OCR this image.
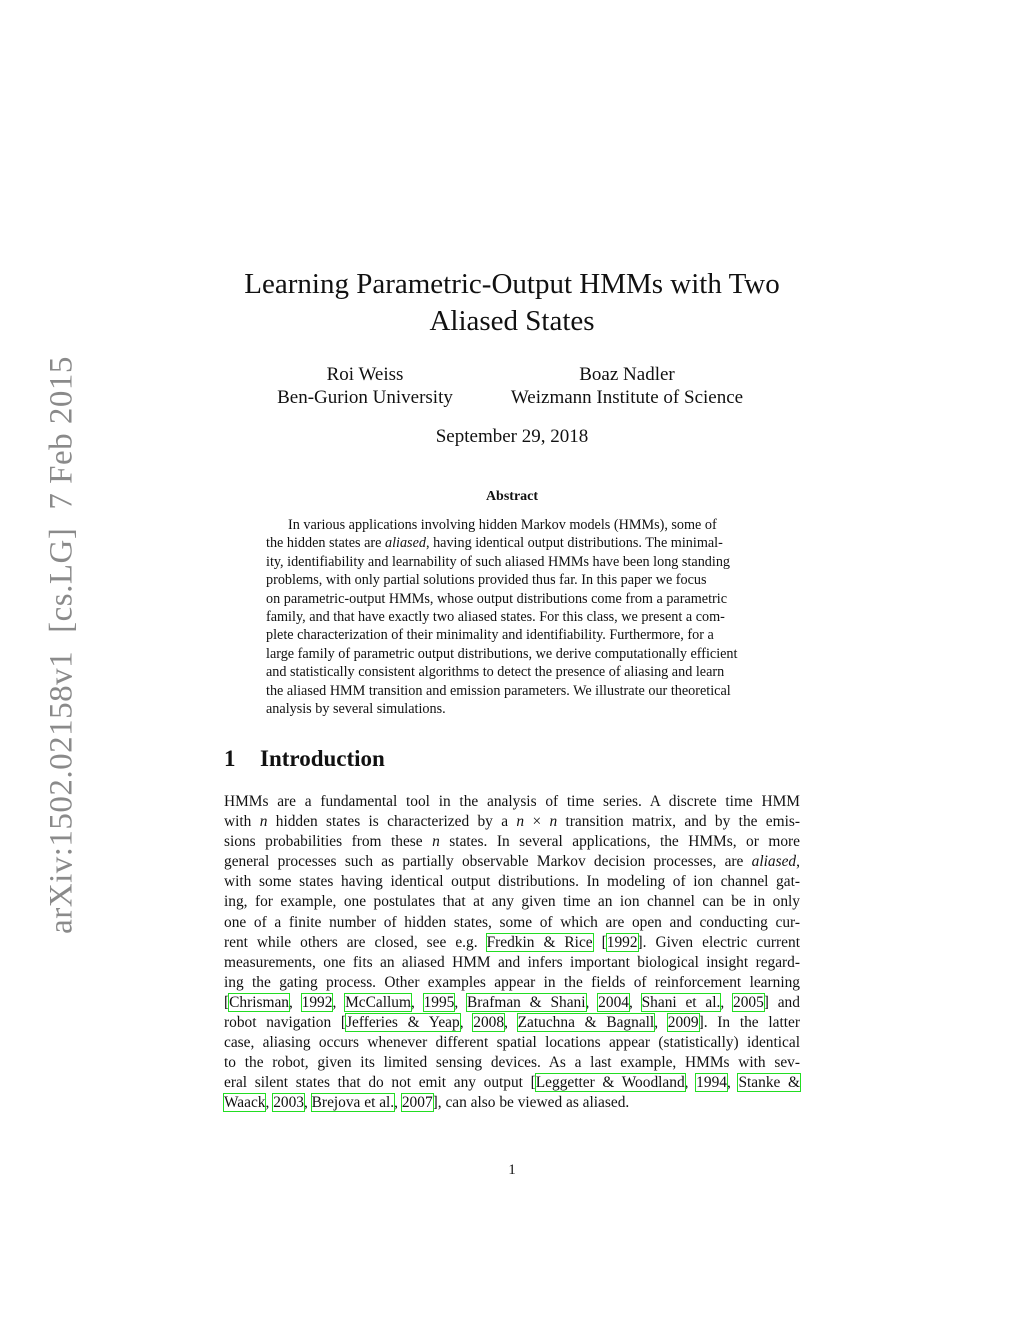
arXiv:1502.02158v1[cs.LG]7 Feb 2015
Learning Parametric-Output HMMs with Two
Aliased States
Roi Weiss
Ben-Gurion University
Boaz Nadler
Weizmann Institute of Science
September 29, 2018
Abstract
In various applications involving hidden Markov models (HMMs), some of
the hidden states are aliased, having identical output distributions. The minimal-
ity, identifiability and learnability of such aliased HMMs have been long standing
problems, with only partial solutions provided thus far. In this paper we focus
on parametric-output HMMs, whose output distributions come from a parametric
family, and that have exactly two aliased states. For this class, we present a com-
plete characterization of their minimality and identifiability. Furthermore, for a
large family of parametric output distributions, we derive computationally efficient
and statistically consistent algorithms to detect the presence of aliasing and learn
the aliased HMM transition and emission parameters. We illustrate our theoretical
analysis by several simulations.
1 Introduction
HMMs are a fundamental tool in the analysis of time series. A discrete time HMM
with n hidden states is characterized by a n × n transition matrix, and by the emis-
sions probabilities from these n states. In several applications, the HMMs, or more
general processes such as partially observable Markov decision processes, are aliased,
with some states having identical output distributions. In modeling of ion channel gat-
ing, for example, one postulates that at any given time an ion channel can be in only
one of a finite number of hidden states, some of which are open and conducting cur-
rent while others are closed, see e.g. Fredkin & Rice [1992]. Given electric current
measurements, one fits an aliased HMM and infers important biological insight regard-
ing the gating process. Other examples appear in the fields of reinforcement learning
[Chrisman, 1992, McCallum, 1995, Brafman & Shani, 2004, Shani et al., 2005] and
robot navigation [Jefferies & Yeap, 2008, Zatuchna & Bagnall, 2009]. In the latter
case, aliasing occurs whenever different spatial locations appear (statistically) identical
to the robot, given its limited sensing devices. As a last example, HMMs with sev-
eral silent states that do not emit any output [Leggetter & Woodland, 1994, Stanke &
Waack, 2003, Brejova et al., 2007], can also be viewed as aliased.
1
